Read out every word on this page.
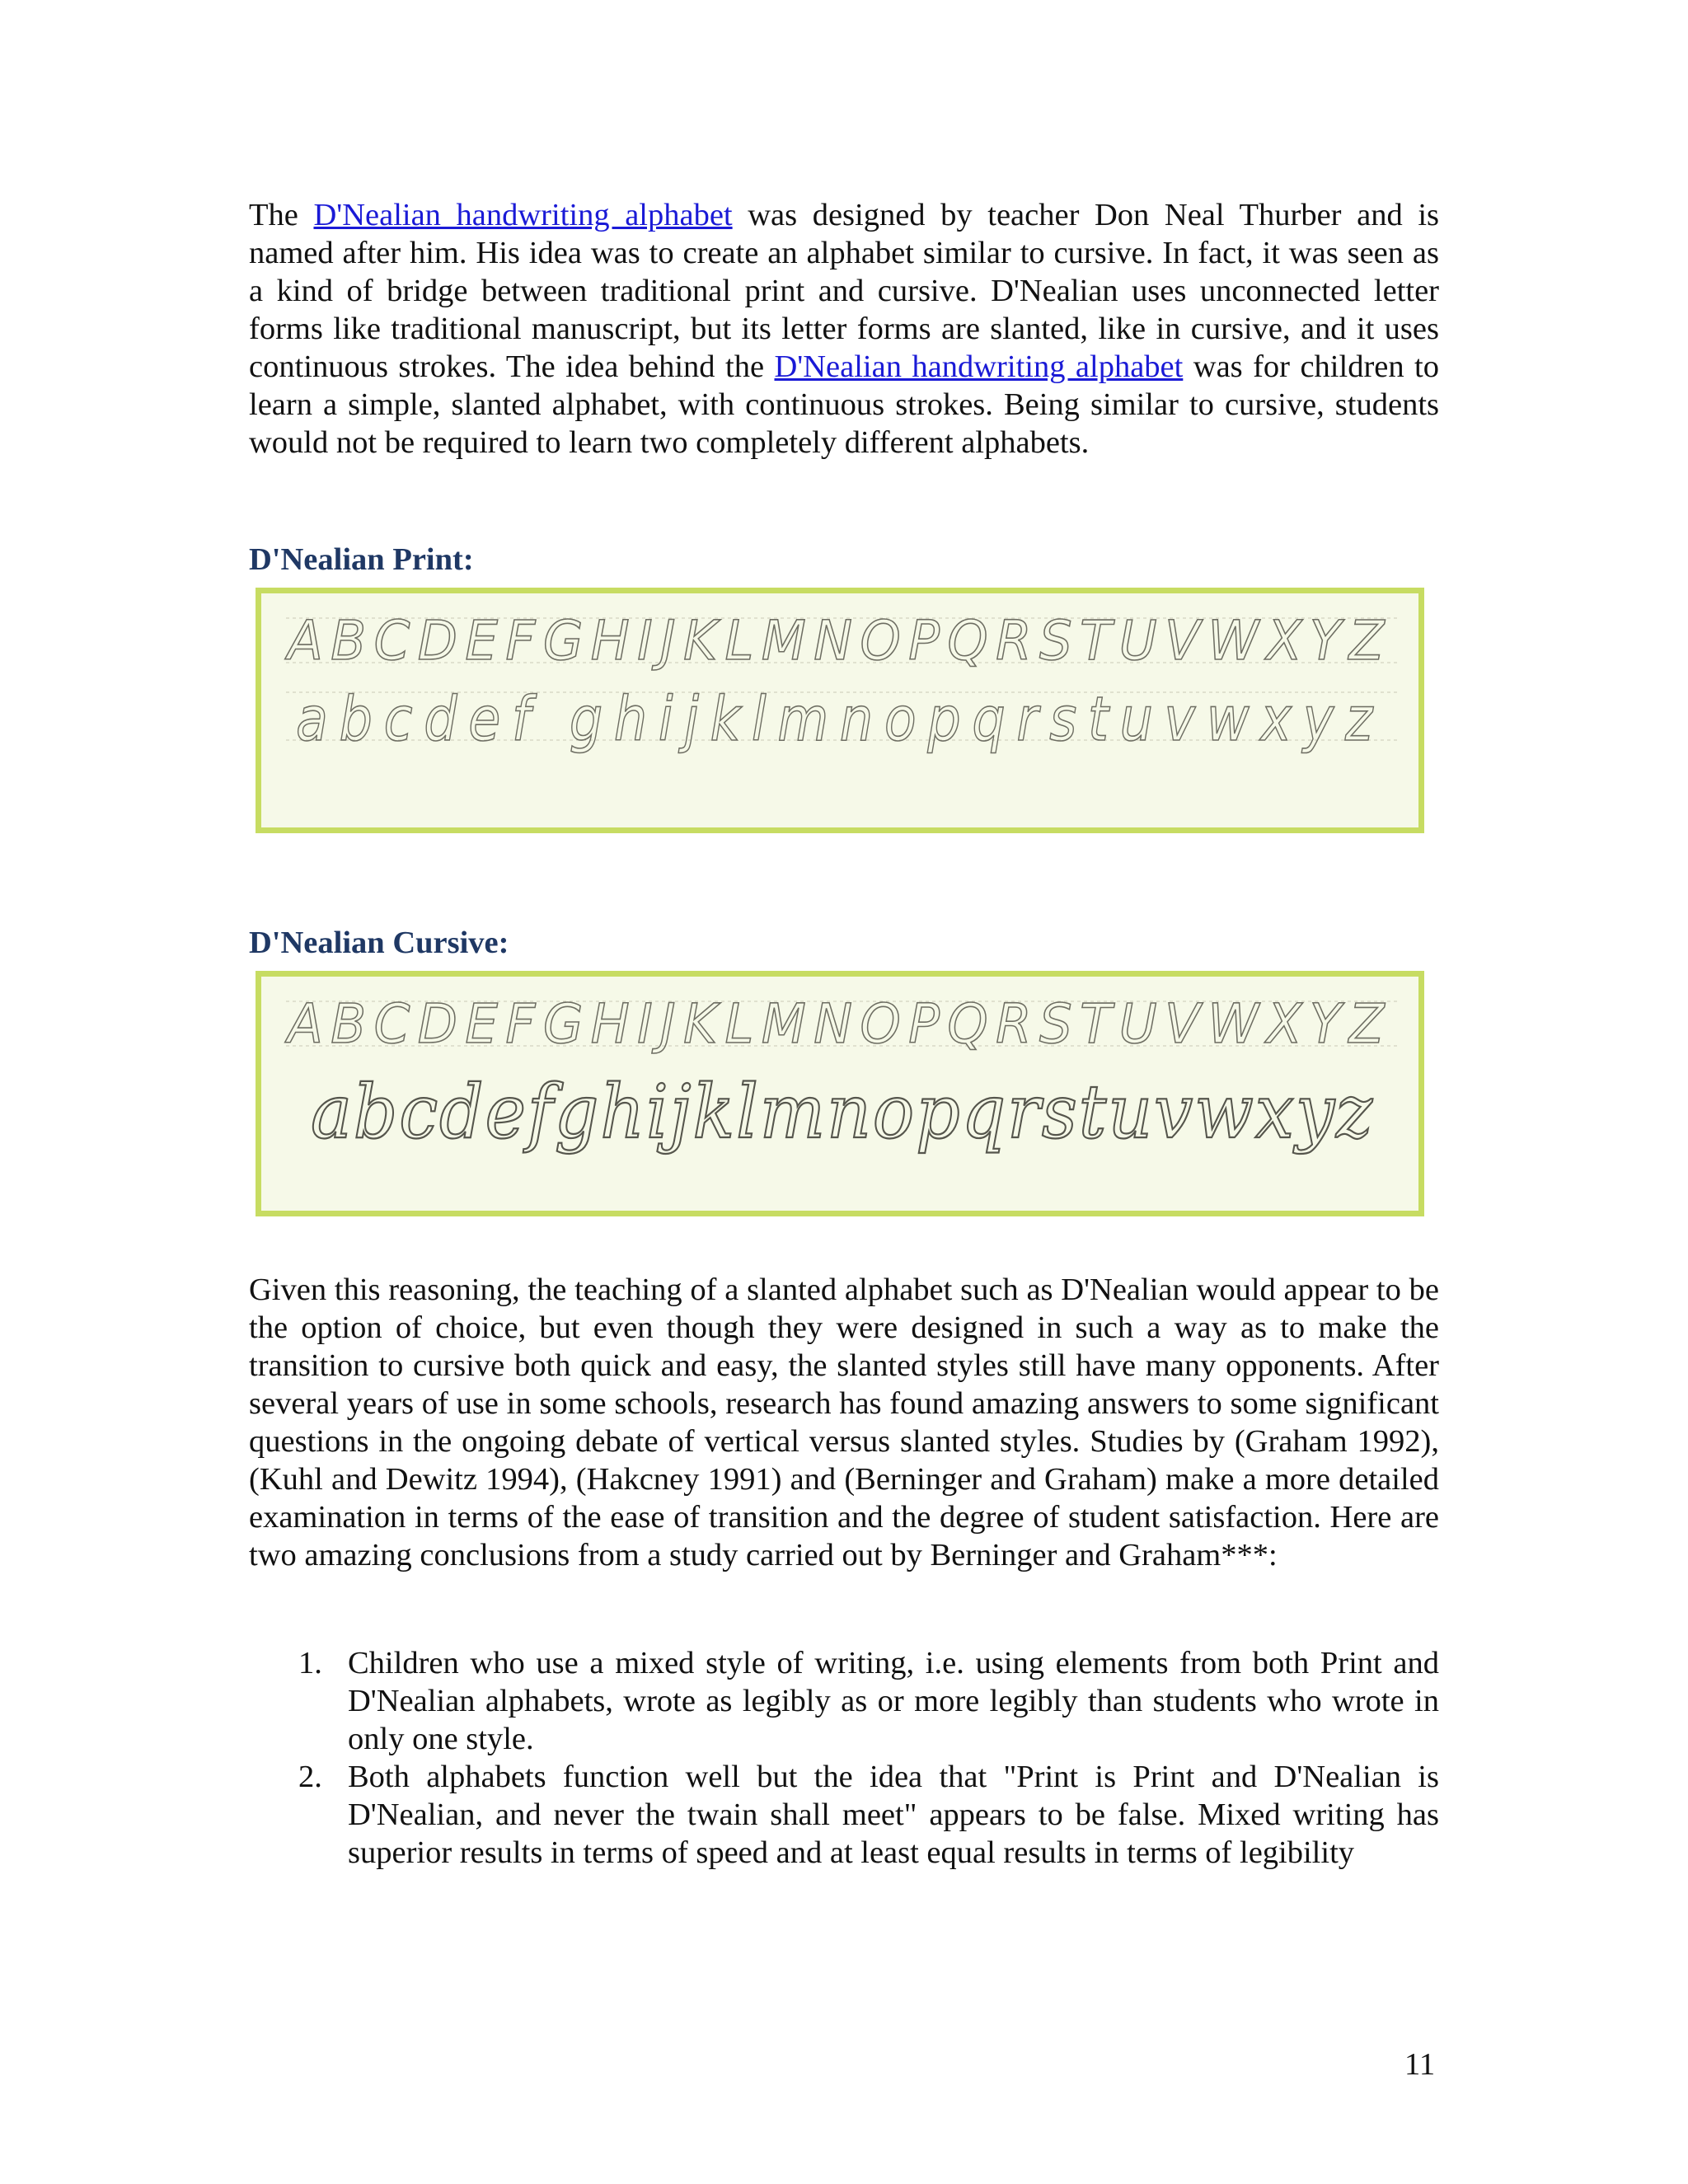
The D'Nealian handwriting alphabet was designed by teacher Don Neal Thurber and is named after him. His idea was to create an alphabet similar to cursive. In fact, it was seen as a kind of bridge between traditional print and cursive. D'Nealian uses unconnected letter forms like traditional manuscript, but its letter forms are slanted, like in cursive, and it uses continuous strokes. The idea behind the D'Nealian handwriting alphabet was for children to learn a simple, slanted alphabet, with continuous strokes. Being similar to cursive, students would not be required to learn two completely different alphabets.

D'Nealian Print:
ABCDEFGHIJKLMNOPQRSTUVWXYZ
abcdef ghijklmnopqrstuvwxyz
D'Nealian Cursive:
ABCDEFGHIJKLMNOPQRSTUVWXYZ
abcdefghijklmnopqrstuvwxyz

Given this reasoning, the teaching of a slanted alphabet such as D'Nealian would appear to be the option of choice, but even though they were designed in such a way as to make the transition to cursive both quick and easy, the slanted styles still have many opponents. After several years of use in some schools, research has found amazing answers to some significant questions in the ongoing debate of vertical versus slanted styles. Studies by (Graham 1992), (Kuhl and Dewitz 1994), (Hakcney 1991) and (Berninger and Graham) make a more detailed examination in terms of the ease of transition and the degree of student satisfaction. Here are two amazing conclusions from a study carried out by Berninger and Graham***:

1. Children who use a mixed style of writing, i.e. using elements from both Print and D'Nealian alphabets, wrote as legibly as or more legibly than students who wrote in only one style.
2. Both alphabets function well but the idea that "Print is Print and D'Nealian is D'Nealian, and never the twain shall meet" appears to be false. Mixed writing has superior results in terms of speed and at least equal results in terms of legibility
11
